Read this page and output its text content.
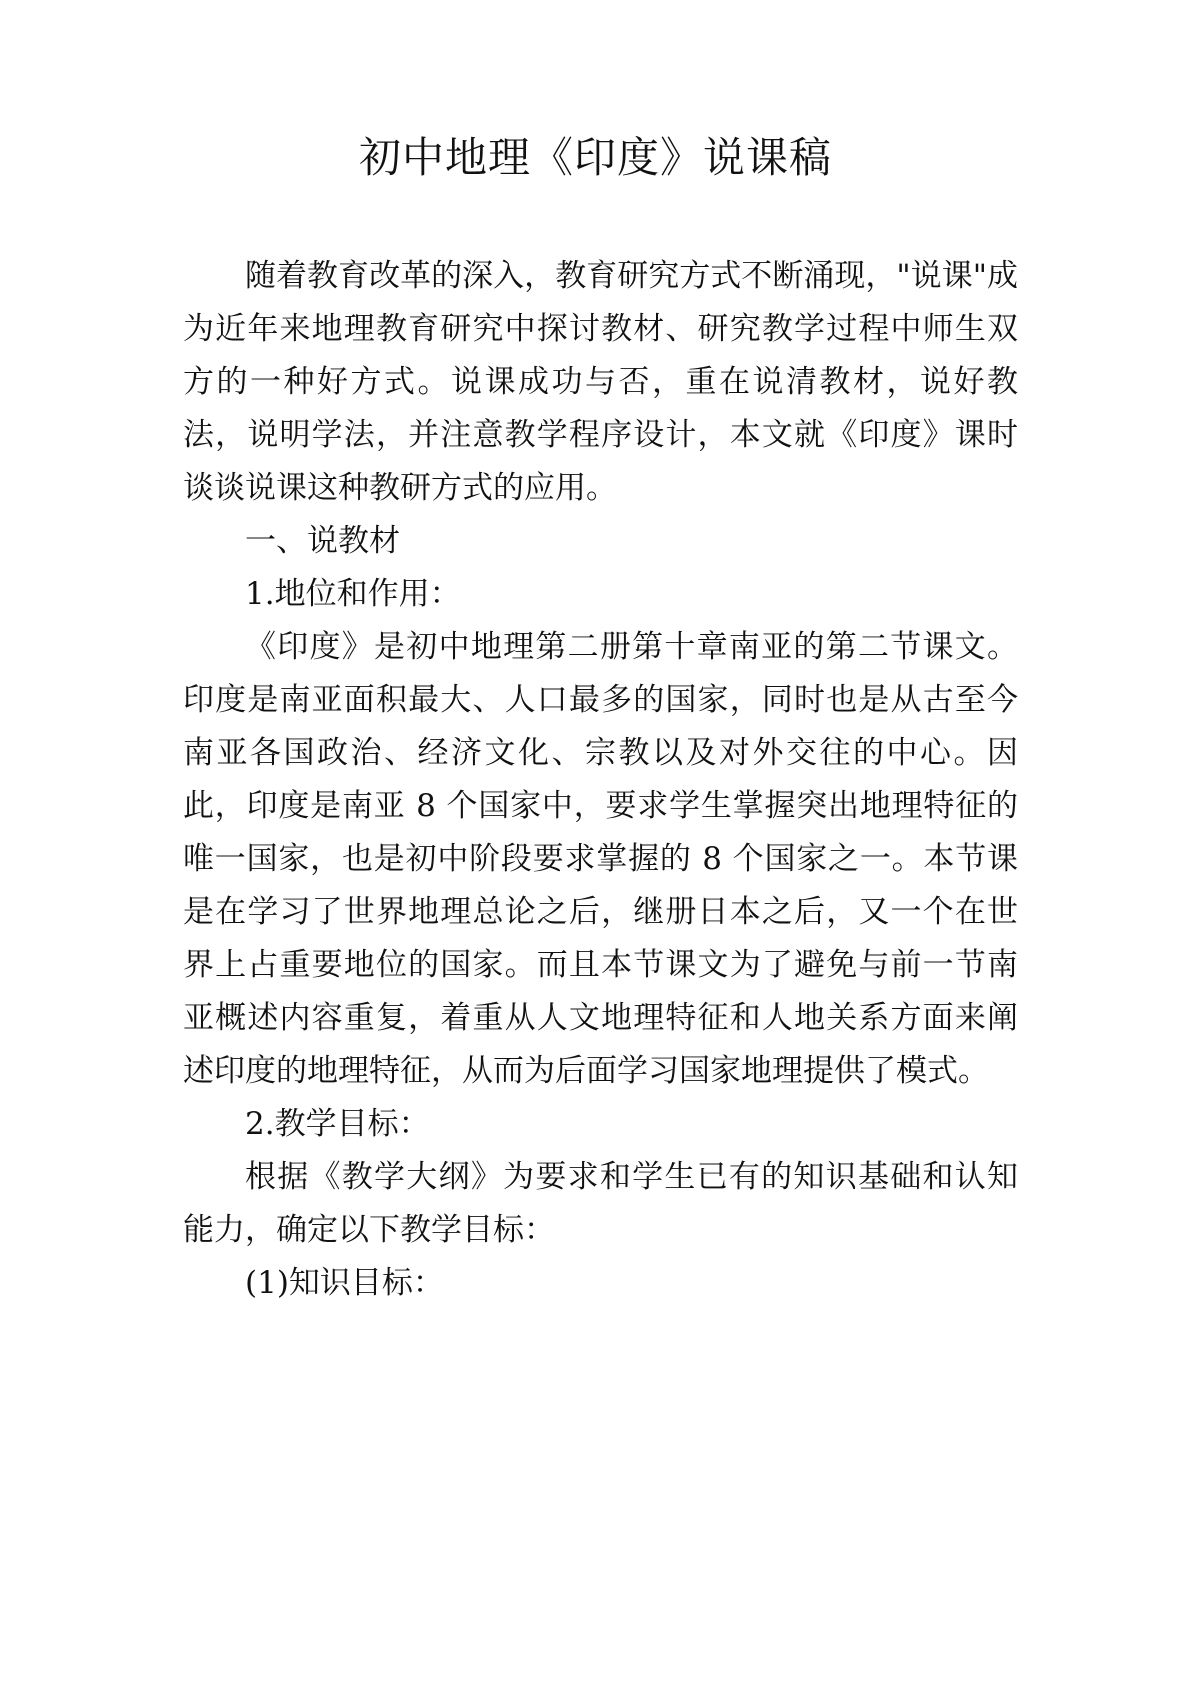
初中地理《印度》说课稿

随着教育改革的深入，教育研究方式不断涌现，"说课"成为近年来地理教育研究中探讨教材、研究教学过程中师生双方的一种好方式。说课成功与否，重在说清教材，说好教法，说明学法，并注意教学程序设计，本文就《印度》课时谈谈说课这种教研方式的应用。

一、说教材

1.地位和作用：

《印度》是初中地理第二册第十章南亚的第二节课文。印度是南亚面积最大、人口最多的国家，同时也是从古至今南亚各国政治、经济文化、宗教以及对外交往的中心。因此，印度是南亚 8 个国家中，要求学生掌握突出地理特征的唯一国家，也是初中阶段要求掌握的 8 个国家之一。本节课是在学习了世界地理总论之后，继册日本之后，又一个在世界上占重要地位的国家。而且本节课文为了避免与前一节南亚概述内容重复，着重从人文地理特征和人地关系方面来阐述印度的地理特征，从而为后面学习国家地理提供了模式。

2.教学目标：

根据《教学大纲》为要求和学生已有的知识基础和认知能力，确定以下教学目标：

(1)知识目标：
